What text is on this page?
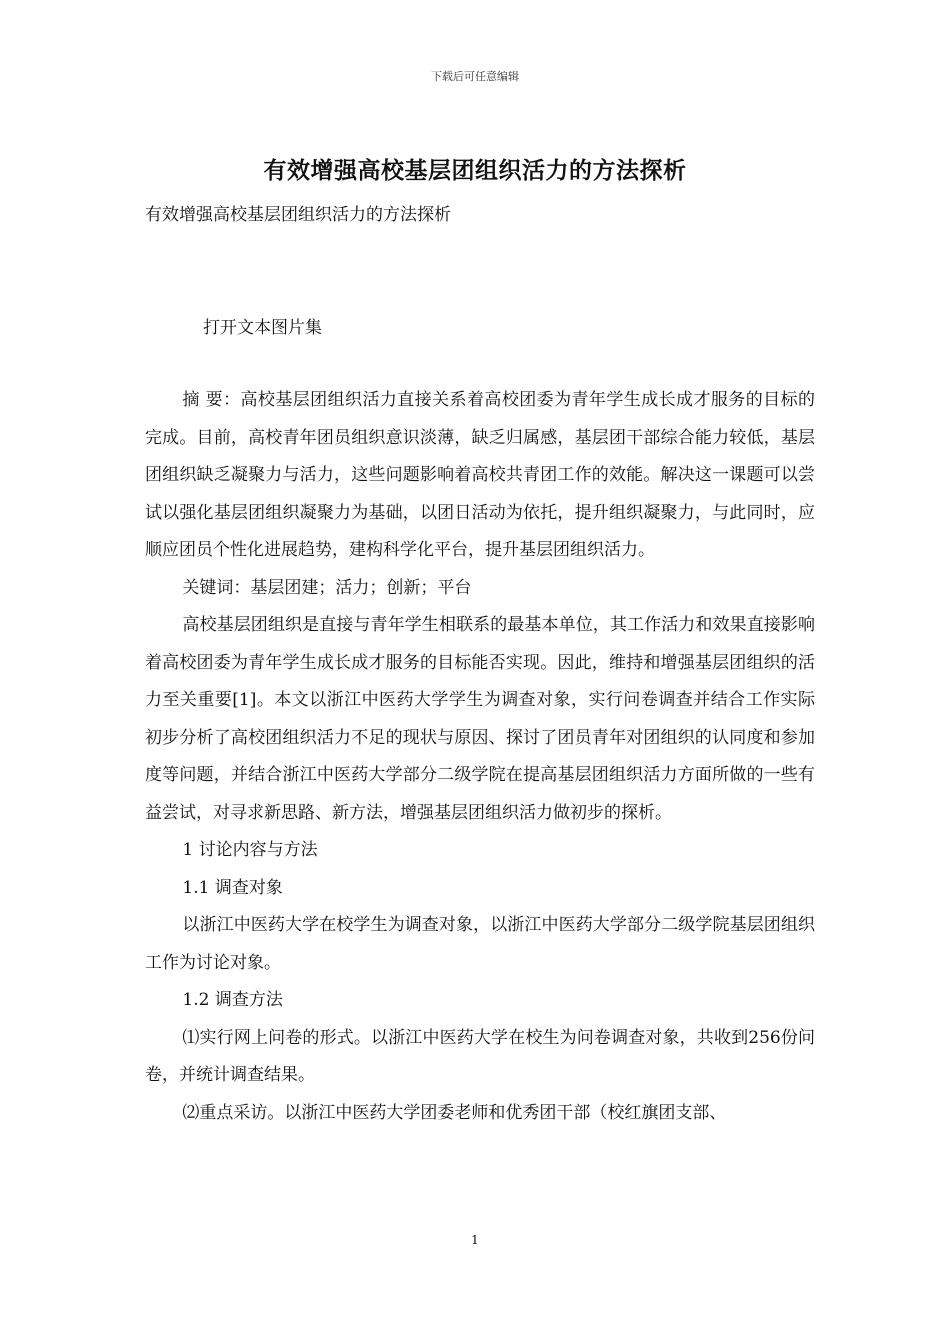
下载后可任意编辑
有效增强高校基层团组织活力的方法探析
有效增强高校基层团组织活力的方法探析
打开文本图片集

摘 要：高校基层团组织活力直接关系着高校团委为青年学生成长成才服务的目标的完成。目前，高校青年团员组织意识淡薄，缺乏归属感，基层团干部综合能力较低，基层团组织缺乏凝聚力与活力，这些问题影响着高校共青团工作的效能。解决这一课题可以尝试以强化基层团组织凝聚力为基础，以团日活动为依托，提升组织凝聚力，与此同时，应顺应团员个性化进展趋势，建构科学化平台，提升基层团组织活力。

关键词：基层团建；活力；创新；平台

高校基层团组织是直接与青年学生相联系的最基本单位，其工作活力和效果直接影响着高校团委为青年学生成长成才服务的目标能否实现。因此，维持和增强基层团组织的活力至关重要[1]。本文以浙江中医药大学学生为调查对象，实行问卷调查并结合工作实际初步分析了高校团组织活力不足的现状与原因、探讨了团员青年对团组织的认同度和参加度等问题，并结合浙江中医药大学部分二级学院在提高基层团组织活力方面所做的一些有益尝试，对寻求新思路、新方法，增强基层团组织活力做初步的探析。

1 讨论内容与方法

1.1 调查对象

以浙江中医药大学在校学生为调查对象，以浙江中医药大学部分二级学院基层团组织工作为讨论对象。

1.2 调查方法

⑴实行网上问卷的形式。以浙江中医药大学在校生为问卷调查对象，共收到256份问卷，并统计调查结果。

⑵重点采访。以浙江中医药大学团委老师和优秀团干部（校红旗团支部、

1
